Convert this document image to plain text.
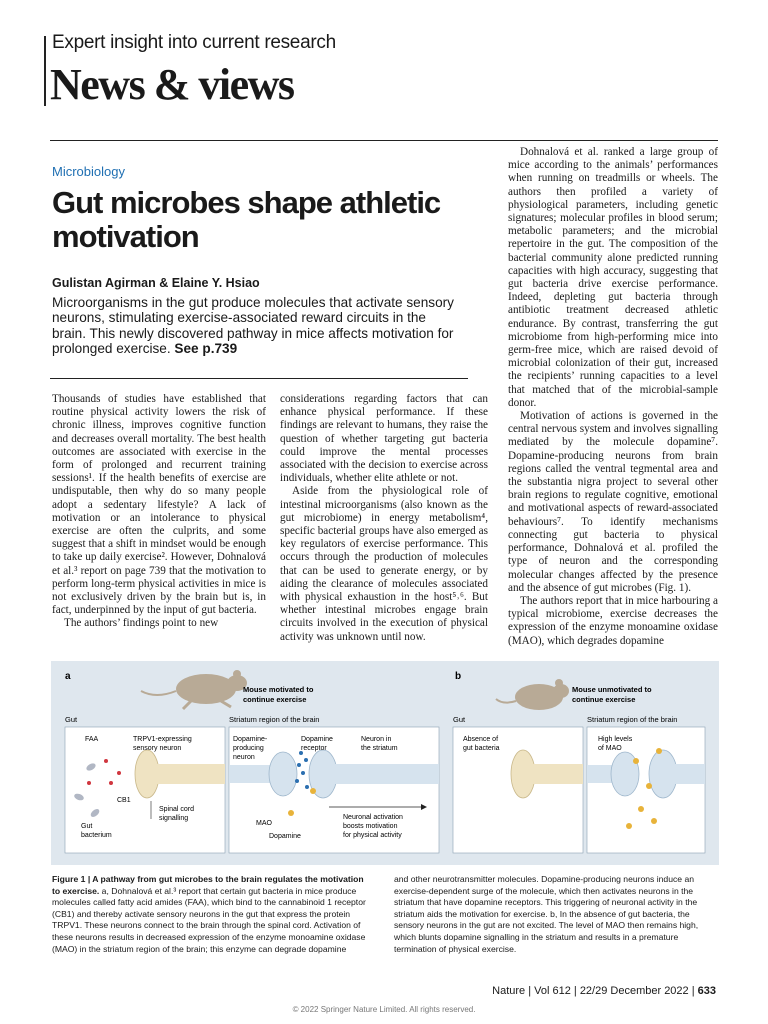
Expert insight into current research
News & views
Microbiology
Gut microbes shape athletic motivation
Gulistan Agirman & Elaine Y. Hsiao
Microorganisms in the gut produce molecules that activate sensory neurons, stimulating exercise-associated reward circuits in the brain. This newly discovered pathway in mice affects motivation for prolonged exercise. See p.739

Thousands of studies have established that routine physical activity lowers the risk of chronic illness, improves cognitive function and decreases overall mortality. The best health outcomes are associated with exercise in the form of prolonged and recurrent training sessions¹. If the health benefits of exercise are undisputable, then why do so many people adopt a sedentary lifestyle? A lack of motivation or an intolerance to physical exercise are often the culprits, and some suggest that a shift in mindset would be enough to take up daily exercise². However, Dohnalová et al.³ report on page 739 that the motivation to perform long-term physical activities in mice is not exclusively driven by the brain but is, in fact, underpinned by the input of gut bacteria.

The authors’ findings point to new

considerations regarding factors that can enhance physical performance. If these findings are relevant to humans, they raise the question of whether targeting gut bacteria could improve the mental processes associated with the decision to exercise across individuals, whether elite athlete or not.

Aside from the physiological role of intestinal microorganisms (also known as the gut microbiome) in energy metabolism⁴, specific bacterial groups have also emerged as key regulators of exercise performance. This occurs through the production of molecules that can be used to generate energy, or by aiding the clearance of molecules associated with physical exhaustion in the host⁵˒⁶. But whether intestinal microbes engage brain circuits involved in the execution of physical activity was unknown until now.

Dohnalová et al. ranked a large group of mice according to the animals’ performances when running on treadmills or wheels. The authors then profiled a variety of physiological parameters, including genetic signatures; molecular profiles in blood serum; metabolic parameters; and the microbial repertoire in the gut. The composition of the bacterial community alone predicted running capacities with high accuracy, suggesting that gut bacteria drive exercise performance. Indeed, depleting gut bacteria through antibiotic treatment decreased athletic endurance. By contrast, transferring the gut microbiome from high-performing mice into germ-free mice, which are raised devoid of microbial colonization of their gut, increased the recipients’ running capacities to a level that matched that of the microbial-sample donor.

Motivation of actions is governed in the central nervous system and involves signalling mediated by the molecule dopamine⁷. Dopamine-producing neurons from brain regions called the ventral tegmental area and the substantia nigra project to several other brain regions to regulate cognitive, emotional and motivational aspects of reward-associated behaviours⁷. To identify mechanisms connecting gut bacteria to physical performance, Dohnalová et al. profiled the type of neuron and the corresponding molecular changes affected by the presence and the absence of gut microbes (Fig. 1).

The authors report that in mice harbouring a typical microbiome, exercise decreases the expression of the enzyme monoamine oxidase (MAO), which degrades dopamine

a	b
Mouse motivated to
continue exercise
Mouse unmotivated to
continue exercise
Gut	Striatum region of the brain	Gut	Striatum region of the brain
FAA	TRPV1-expressing
sensory neuron
CB1
Gut
bacterium
Spinal cord
signalling
Dopamine-
producing
neuron
Dopamine
receptor
Neuron in
the striatum
MAO
Dopamine
Neuronal activation
boosts motivation
for physical activity
Absence of
gut bacteria
High levels
of MAO
Figure 1 | A pathway from gut microbes to the brain regulates the motivation to exercise. a, Dohnalová et al.³ report that certain gut bacteria in mice produce molecules called fatty acid amides (FAA), which bind to the cannabinoid 1 receptor (CB1) and thereby activate sensory neurons in the gut that express the protein TRPV1. These neurons connect to the brain through the spinal cord. Activation of these neurons results in decreased expression of the enzyme monoamine oxidase (MAO) in the striatum region of the brain; this enzyme can degrade dopamine
and other neurotransmitter molecules. Dopamine-producing neurons induce an exercise-dependent surge of the molecule, which then activates neurons in the striatum that have dopamine receptors. This triggering of neuronal activity in the striatum aids the motivation for exercise. b, In the absence of gut bacteria, the sensory neurons in the gut are not excited. The level of MAO then remains high, which blunts dopamine signalling in the striatum and results in a premature termination of physical exercise.
Nature | Vol 612 | 22/29 December 2022 | 633
© 2022 Springer Nature Limited. All rights reserved.
